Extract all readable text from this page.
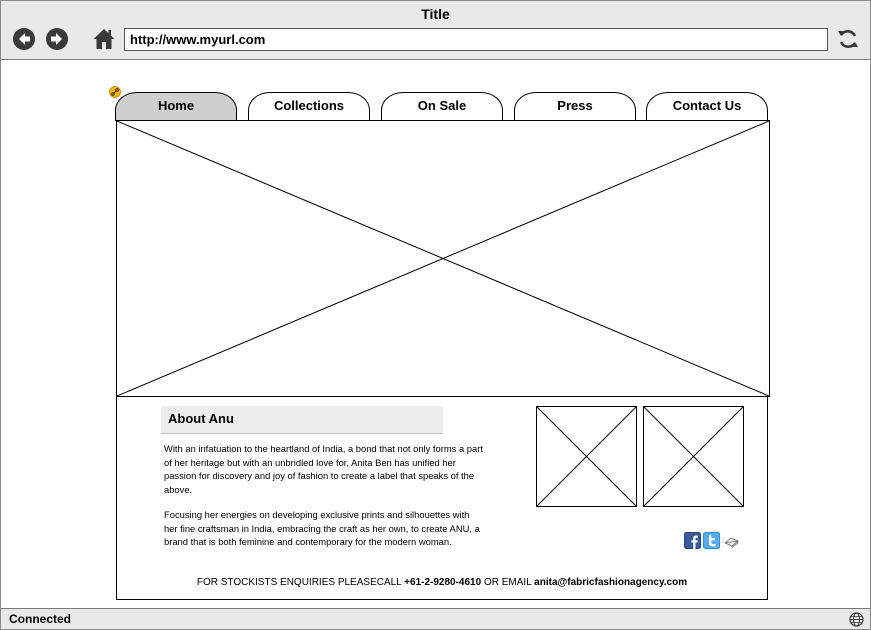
Title
http://www.myurl.com
Home	Collections	On Sale	Press	Contact Us
About Anu

With an infatuation to the heartland of India, a bond that not only forms a part of her heritage but with an unbridled love for, Anita Ben has unified her passion for discovery and joy of fashion to create a label that speaks of the above.

Focusing her energies on developing exclusive prints and silhouettes with her fine craftsman in India, embracing the craft as her own, to create ANU, a brand that is both feminine and contemporary for the modern woman.

FOR STOCKISTS ENQUIRIES PLEASECALL +61-2-9280-4610 OR EMAIL anita@fabricfashionagency.com
Connected
